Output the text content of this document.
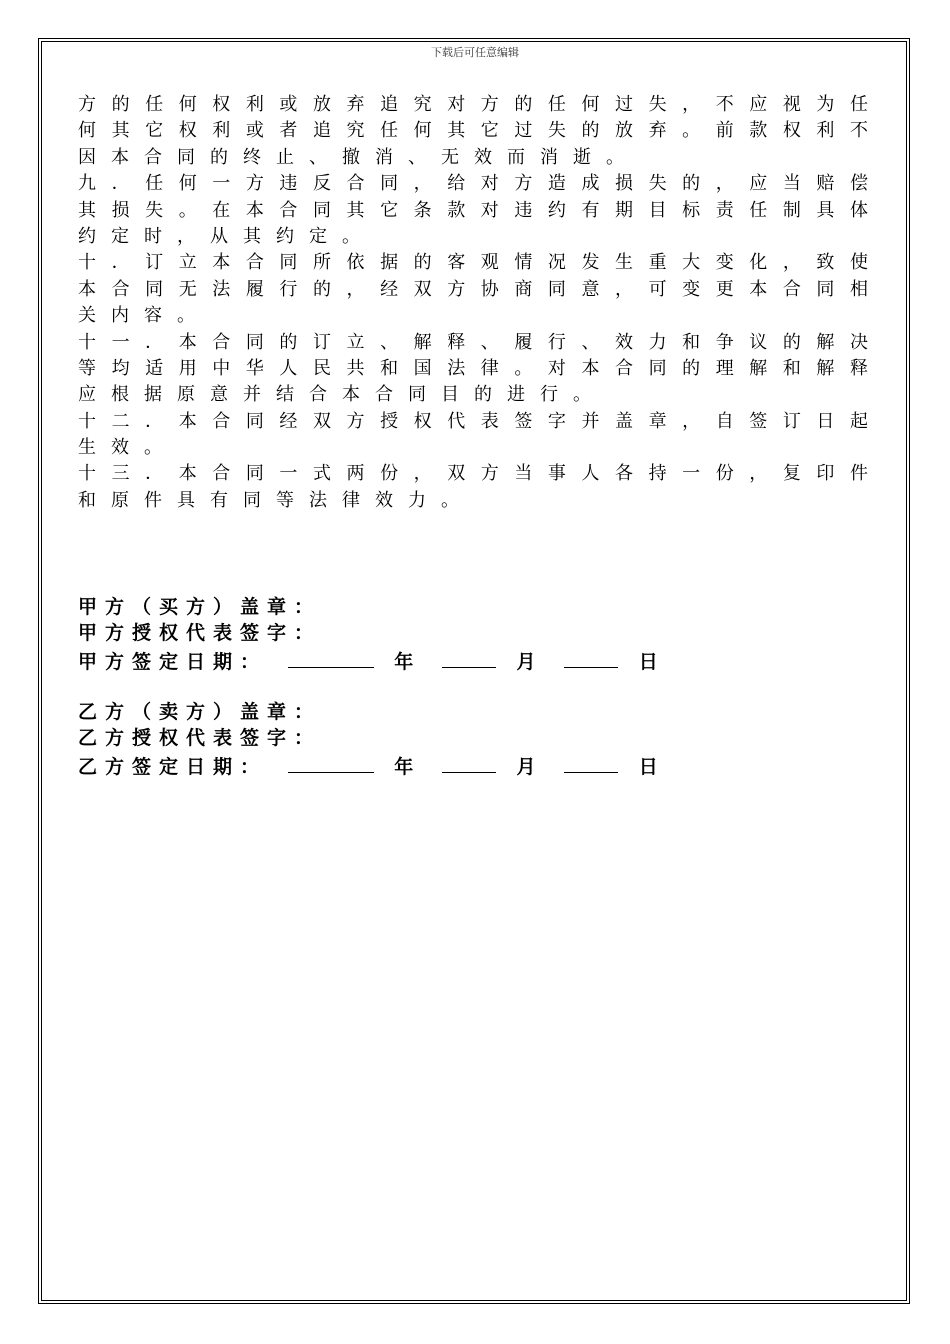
下载后可任意编辑
方的任何权利或放弃追究对方的任何过失，不应视为任
何其它权利或者追究任何其它过失的放弃。前款权利不
因本合同的终止、撤消、无效而消逝。
九．任何一方违反合同，给对方造成损失的，应当赔偿
其损失。在本合同其它条款对违约有期目标责任制具体
约定时，从其约定。
十．订立本合同所依据的客观情况发生重大变化，致使
本合同无法履行的，经双方协商同意，可变更本合同相
关内容。
十一．本合同的订立、解释、履行、效力和争议的解决
等均适用中华人民共和国法律。对本合同的理解和解释
应根据原意并结合本合同目的进行。
十二．本合同经双方授权代表签字并盖章，自签订日起
生效。
十三．本合同一式两份，双方当事人各持一份，复印件
和原件具有同等法律效力。
甲方（买方）盖章：
甲方授权代表签字：
甲方签定日期：	年	月	日
乙方（卖方）盖章：
乙方授权代表签字：
乙方签定日期：	年	月	日
